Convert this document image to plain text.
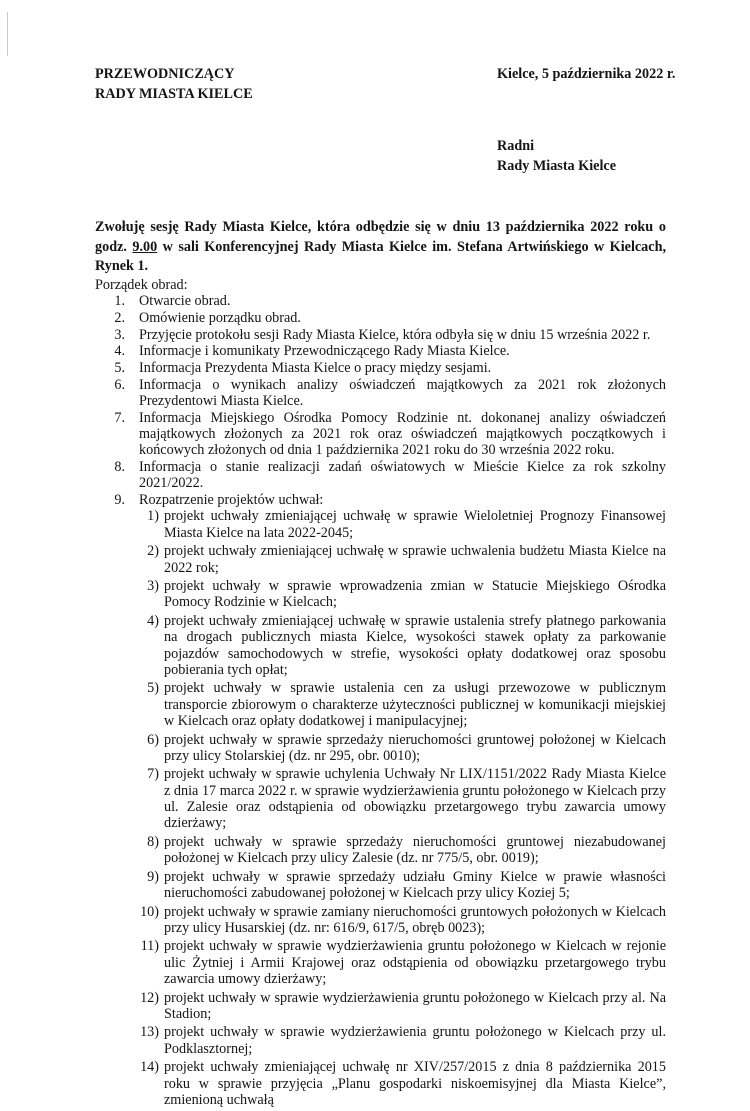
PRZEWODNICZĄCY
RADY MIASTA KIELCE
Kielce, 5 października 2022 r.
Radni
Rady Miasta Kielce
Zwołuję sesję Rady Miasta Kielce, która odbędzie się w dniu 13 października 2022 roku o godz. 9.00 w sali Konferencyjnej Rady Miasta Kielce im. Stefana Artwińskiego w Kielcach, Rynek 1.
Porządek obrad:
1. Otwarcie obrad.
2. Omówienie porządku obrad.
3. Przyjęcie protokołu sesji Rady Miasta Kielce, która odbyła się w dniu 15 września 2022 r.
4. Informacje i komunikaty Przewodniczącego Rady Miasta Kielce.
5. Informacja Prezydenta Miasta Kielce o pracy między sesjami.
6. Informacja o wynikach analizy oświadczeń majątkowych za 2021 rok złożonych Prezydentowi Miasta Kielce.
7. Informacja Miejskiego Ośrodka Pomocy Rodzinie nt. dokonanej analizy oświadczeń majątkowych złożonych za 2021 rok oraz oświadczeń majątkowych początkowych i końcowych złożonych od dnia 1 października 2021 roku do 30 września 2022 roku.
8. Informacja o stanie realizacji zadań oświatowych w Mieście Kielce za rok szkolny 2021/2022.
9. Rozpatrzenie projektów uchwał:
1) projekt uchwały zmieniającej uchwałę w sprawie Wieloletniej Prognozy Finansowej Miasta Kielce na lata 2022-2045;
2) projekt uchwały zmieniającej uchwałę w sprawie uchwalenia budżetu Miasta Kielce na 2022 rok;
3) projekt uchwały w sprawie wprowadzenia zmian w Statucie Miejskiego Ośrodka Pomocy Rodzinie w Kielcach;
4) projekt uchwały zmieniającej uchwałę w sprawie ustalenia strefy płatnego parkowania na drogach publicznych miasta Kielce, wysokości stawek opłaty za parkowanie pojazdów samochodowych w strefie, wysokości opłaty dodatkowej oraz sposobu pobierania tych opłat;
5) projekt uchwały w sprawie ustalenia cen za usługi przewozowe w publicznym transporcie zbiorowym o charakterze użyteczności publicznej w komunikacji miejskiej w Kielcach oraz opłaty dodatkowej i manipulacyjnej;
6) projekt uchwały w sprawie sprzedaży nieruchomości gruntowej położonej w Kielcach przy ulicy Stolarskiej (dz. nr 295, obr. 0010);
7) projekt uchwały w sprawie uchylenia Uchwały Nr LIX/1151/2022 Rady Miasta Kielce z dnia 17 marca 2022 r. w sprawie wydzierżawienia gruntu położonego w Kielcach przy ul. Zalesie oraz odstąpienia od obowiązku przetargowego trybu zawarcia umowy dzierżawy;
8) projekt uchwały w sprawie sprzedaży nieruchomości gruntowej niezabudowanej położonej w Kielcach przy ulicy Zalesie (dz. nr 775/5, obr. 0019);
9) projekt uchwały w sprawie sprzedaży udziału Gminy Kielce w prawie własności nieruchomości zabudowanej położonej w Kielcach przy ulicy Koziej 5;
10) projekt uchwały w sprawie zamiany nieruchomości gruntowych położonych w Kielcach przy ulicy Husarskiej (dz. nr: 616/9, 617/5, obręb 0023);
11) projekt uchwały w sprawie wydzierżawienia gruntu położonego w Kielcach w rejonie ulic Żytniej i Armii Krajowej oraz odstąpienia od obowiązku przetargowego trybu zawarcia umowy dzierżawy;
12) projekt uchwały w sprawie wydzierżawienia gruntu położonego w Kielcach przy al. Na Stadion;
13) projekt uchwały w sprawie wydzierżawienia gruntu położonego w Kielcach przy ul. Podklasztornej;
14) projekt uchwały zmieniającej uchwałę nr XIV/257/2015 z dnia 8 października 2015 roku w sprawie przyjęcia „Planu gospodarki niskoemisyjnej dla Miasta Kielce”, zmienioną uchwałą
